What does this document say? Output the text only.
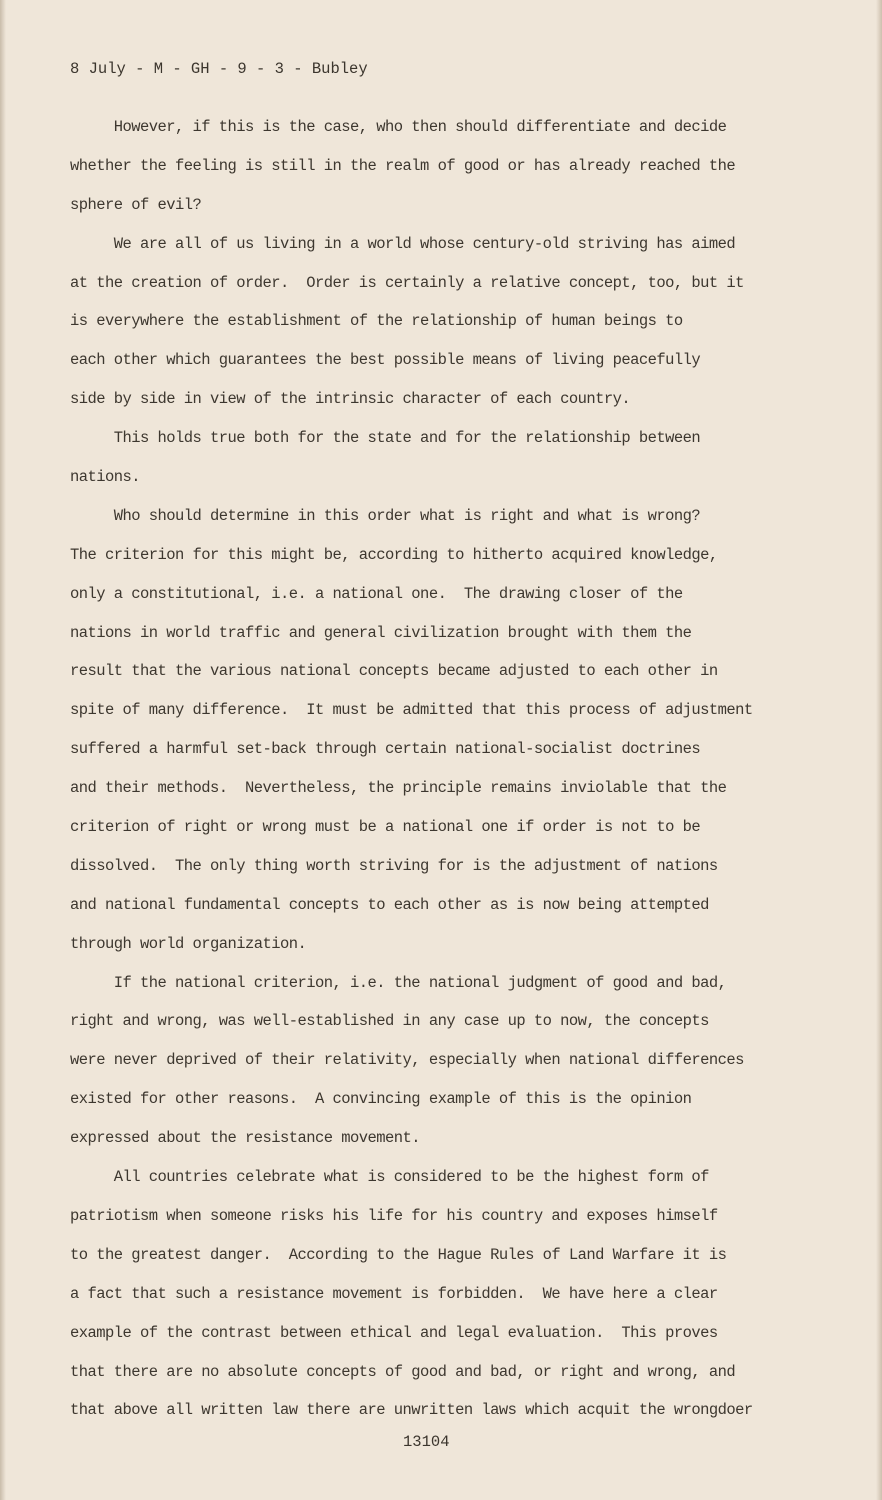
8 July - M - GH - 9 - 3 - Bubley
However, if this is the case, who then should differentiate and decide
whether the feeling is still in the realm of good or has already reached the
sphere of evil?
We are all of us living in a world whose century-old striving has aimed
at the creation of order.  Order is certainly a relative concept, too, but it
is everywhere the establishment of the relationship of human beings to
each other which guarantees the best possible means of living peacefully
side by side in view of the intrinsic character of each country.
This holds true both for the state and for the relationship between
nations.
Who should determine in this order what is right and what is wrong?
The criterion for this might be, according to hitherto acquired knowledge,
only a constitutional, i.e. a national one.  The drawing closer of the
nations in world traffic and general civilization brought with them the
result that the various national concepts became adjusted to each other in
spite of many difference.  It must be admitted that this process of adjustment
suffered a harmful set-back through certain national-socialist doctrines
and their methods.  Nevertheless, the principle remains inviolable that the
criterion of right or wrong must be a national one if order is not to be
dissolved.  The only thing worth striving for is the adjustment of nations
and national fundamental concepts to each other as is now being attempted
through world organization.
If the national criterion, i.e. the national judgment of good and bad,
right and wrong, was well-established in any case up to now, the concepts
were never deprived of their relativity, especially when national differences
existed for other reasons.  A convincing example of this is the opinion
expressed about the resistance movement.
All countries celebrate what is considered to be the highest form of
patriotism when someone risks his life for his country and exposes himself
to the greatest danger.  According to the Hague Rules of Land Warfare it is
a fact that such a resistance movement is forbidden.  We have here a clear
example of the contrast between ethical and legal evaluation.  This proves
that there are no absolute concepts of good and bad, or right and wrong, and
that above all written law there are unwritten laws which acquit the wrongdoer
13104
